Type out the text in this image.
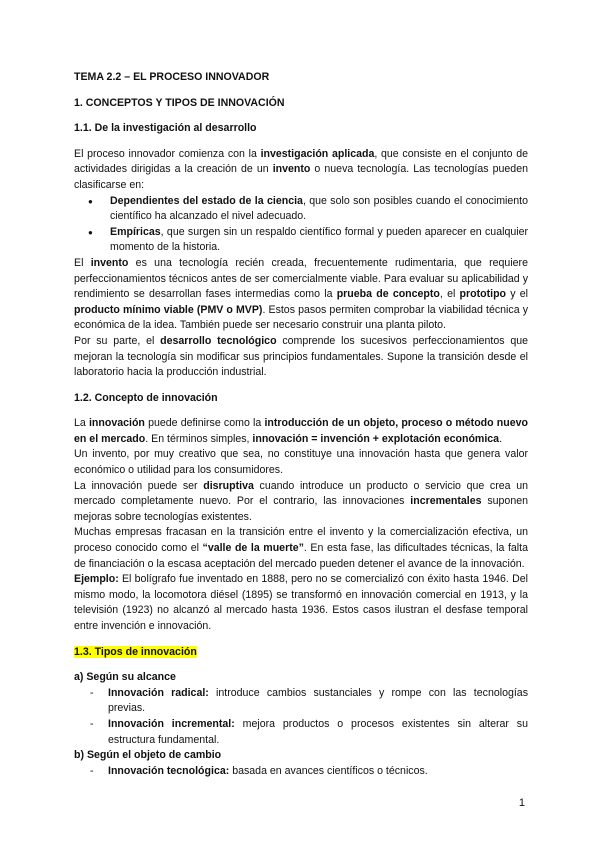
TEMA 2.2 – EL PROCESO INNOVADOR
1. CONCEPTOS Y TIPOS DE INNOVACIÓN
1.1. De la investigación al desarrollo
El proceso innovador comienza con la investigación aplicada, que consiste en el conjunto de actividades dirigidas a la creación de un invento o nueva tecnología. Las tecnologías pueden clasificarse en:
● Dependientes del estado de la ciencia, que solo son posibles cuando el conocimiento científico ha alcanzado el nivel adecuado.
● Empíricas, que surgen sin un respaldo científico formal y pueden aparecer en cualquier momento de la historia.
El invento es una tecnología recién creada, frecuentemente rudimentaria, que requiere perfeccionamientos técnicos antes de ser comercialmente viable. Para evaluar su aplicabilidad y rendimiento se desarrollan fases intermedias como la prueba de concepto, el prototipo y el producto mínimo viable (PMV o MVP). Estos pasos permiten comprobar la viabilidad técnica y económica de la idea. También puede ser necesario construir una planta piloto.
Por su parte, el desarrollo tecnológico comprende los sucesivos perfeccionamientos que mejoran la tecnología sin modificar sus principios fundamentales. Supone la transición desde el laboratorio hacia la producción industrial.
1.2. Concepto de innovación
La innovación puede definirse como la introducción de un objeto, proceso o método nuevo en el mercado. En términos simples, innovación = invención + explotación económica.
Un invento, por muy creativo que sea, no constituye una innovación hasta que genera valor económico o utilidad para los consumidores.
La innovación puede ser disruptiva cuando introduce un producto o servicio que crea un mercado completamente nuevo. Por el contrario, las innovaciones incrementales suponen mejoras sobre tecnologías existentes.
Muchas empresas fracasan en la transición entre el invento y la comercialización efectiva, un proceso conocido como el “valle de la muerte”. En esta fase, las dificultades técnicas, la falta de financiación o la escasa aceptación del mercado pueden detener el avance de la innovación.
Ejemplo: El bolígrafo fue inventado en 1888, pero no se comercializó con éxito hasta 1946. Del mismo modo, la locomotora diésel (1895) se transformó en innovación comercial en 1913, y la televisión (1923) no alcanzó al mercado hasta 1936. Estos casos ilustran el desfase temporal entre invención e innovación.
1.3. Tipos de innovación
a) Según su alcance
- Innovación radical: introduce cambios sustanciales y rompe con las tecnologías previas.
- Innovación incremental: mejora productos o procesos existentes sin alterar su estructura fundamental.
b) Según el objeto de cambio
- Innovación tecnológica: basada en avances científicos o técnicos.
1
